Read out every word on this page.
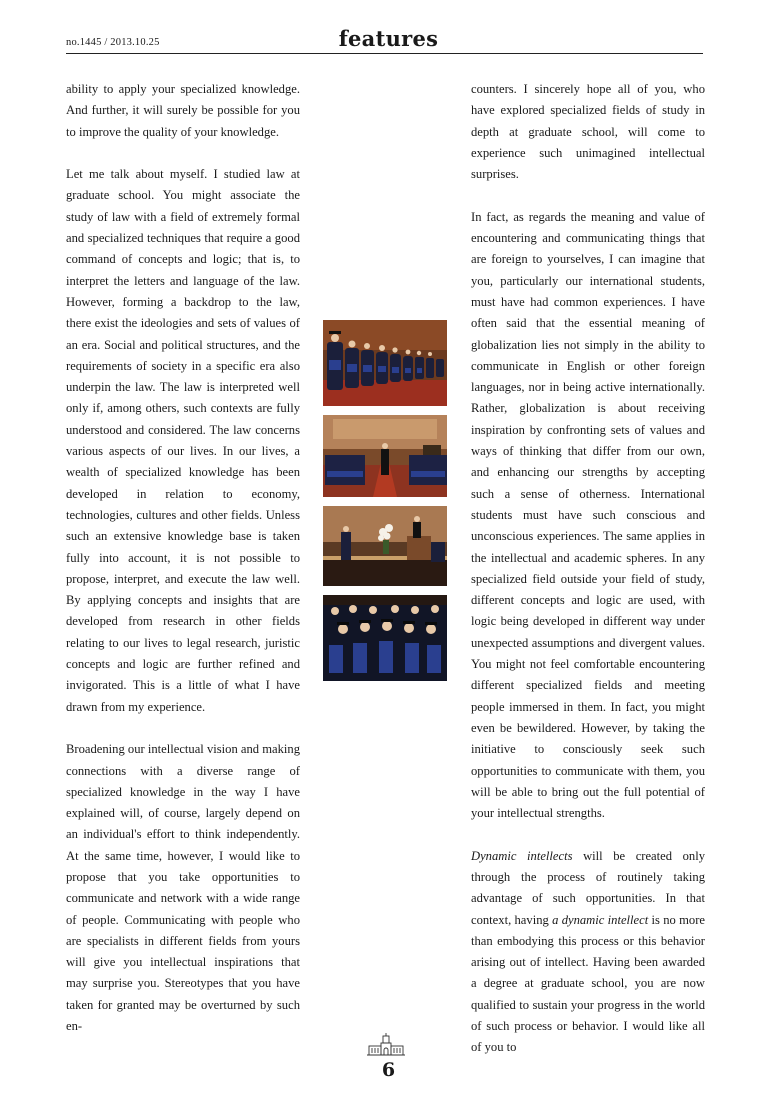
no.1445 / 2013.10.25	features

ability to apply your specialized knowledge. And further, it will surely be possible for you to improve the quality of your knowledge.

Let me talk about myself. I studied law at graduate school. You might associate the study of law with a field of extremely formal and specialized techniques that require a good command of concepts and logic; that is, to interpret the letters and language of the law. However, forming a backdrop to the law, there exist the ideologies and sets of values of an era. Social and political structures, and the requirements of society in a specific era also underpin the law. The law is interpreted well only if, among others, such contexts are fully understood and considered. The law concerns various aspects of our lives. In our lives, a wealth of specialized knowledge has been developed in relation to economy, technologies, cultures and other fields. Unless such an extensive knowledge base is taken fully into account, it is not possible to propose, interpret, and execute the law well. By applying concepts and insights that are developed from research in other fields relating to our lives to legal research, juristic concepts and logic are further refined and invigorated. This is a little of what I have drawn from my experience.

Broadening our intellectual vision and making connections with a diverse range of specialized knowledge in the way I have explained will, of course, largely depend on an individual's effort to think independently. At the same time, however, I would like to propose that you take opportunities to communicate and network with a wide range of people. Communicating with people who are specialists in different fields from yours will give you intellectual inspirations that may surprise you. Stereotypes that you have taken for granted may be overturned by such en-

counters. I sincerely hope all of you, who have explored specialized fields of study in depth at graduate school, will come to experience such unimagined intellectual surprises.

In fact, as regards the meaning and value of encountering and communicating things that are foreign to yourselves, I can imagine that you, particularly our international students, must have had common experiences. I have often said that the essential meaning of globalization lies not simply in the ability to communicate in English or other foreign languages, nor in being active internationally. Rather, globalization is about receiving inspiration by confronting sets of values and ways of thinking that differ from our own, and enhancing our strengths by accepting such a sense of otherness. International students must have such conscious and unconscious experiences. The same applies in the intellectual and academic spheres. In any specialized field outside your field of study, different concepts and logic are used, with logic being developed in different way under unexpected assumptions and divergent values. You might not feel comfortable encountering different specialized fields and meeting people immersed in them. In fact, you might even be bewildered. However, by taking the initiative to consciously seek such opportunities to communicate with them, you will be able to bring out the full potential of your intellectual strengths.

Dynamic intellects will be created only through the process of routinely taking advantage of such opportunities. In that context, having a dynamic intellect is no more than embodying this process or this behavior arising out of intellect. Having been awarded a degree at graduate school, you are now qualified to sustain your progress in the world of such process or behavior. I would like all of you to

6
